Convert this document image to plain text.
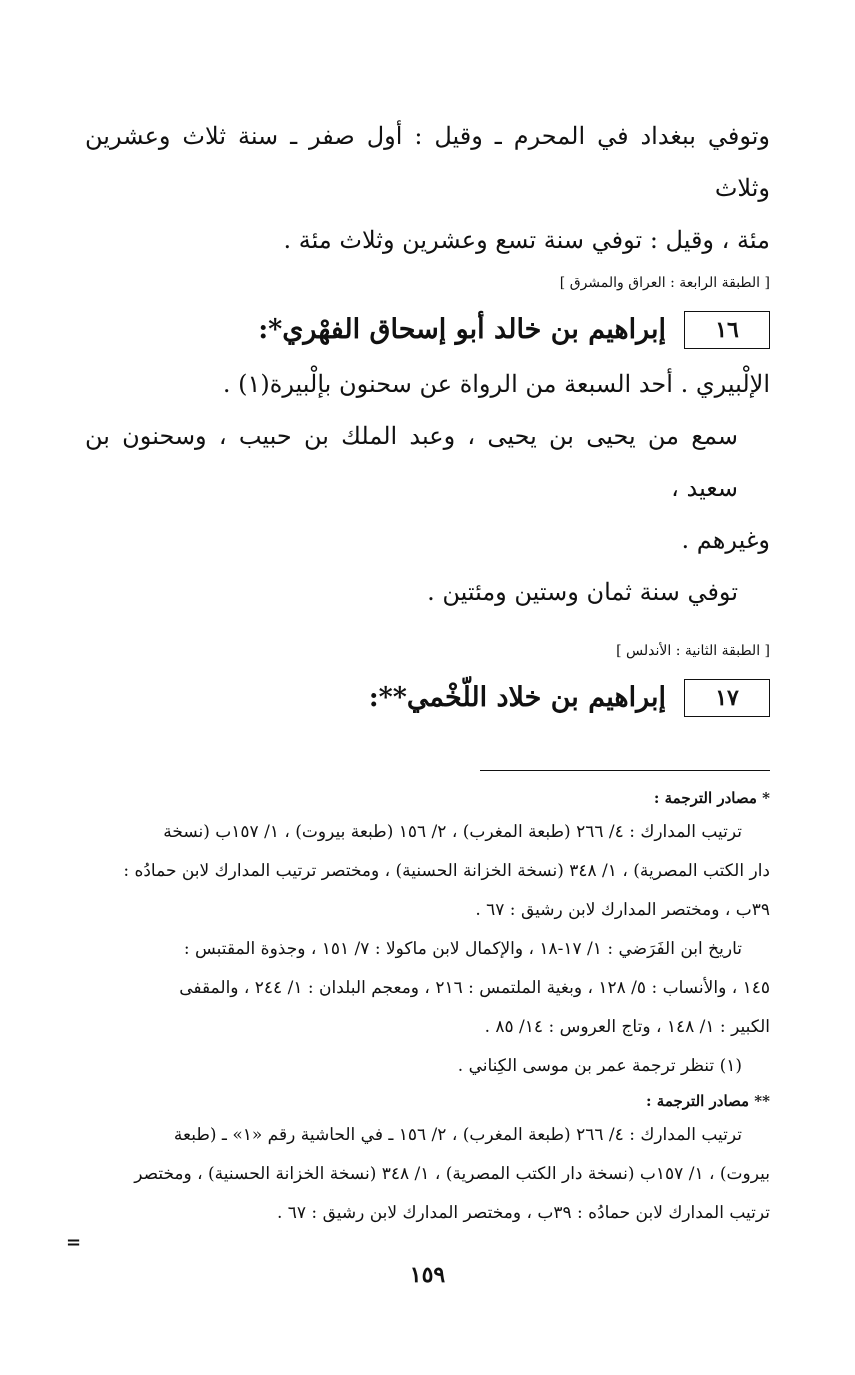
وتوفي ببغداد في المحرم ـ وقيل : أول صفر ـ سنة ثلاث وعشرين وثلاث

مئة ، وقيل : توفي سنة تسع وعشرين وثلاث مئة .

[ الطبقة الرابعة : العراق والمشرق ]
١٦
إبراهيم بن خالد أبو إسحاق الفهْري*:

الإلْبيري . أحد السبعة من الرواة عن سحنون بإلْبيرة(١) .

سمع من يحيى بن يحيى ، وعبد الملك بن حبيب ، وسحنون بن سعيد ،

وغيرهم .

توفي سنة ثمان وستين ومئتين .

[ الطبقة الثانية : الأندلس ]
١٧
إبراهيم بن خلاد اللّخْمي**:

* مصادر الترجمة :

ترتيب المدارك : ٤/ ٢٦٦ (طبعة المغرب) ، ٢/ ١٥٦ (طبعة بيروت) ، ١/ ١٥٧ب (نسخة

دار الكتب المصرية) ، ١/ ٣٤٨ (نسخة الخزانة الحسنية) ، ومختصر ترتيب المدارك لابن حمادُه :

٣٩ب ، ومختصر المدارك لابن رشيق : ٦٧ .

تاريخ ابن الفَرَضي : ١/ ١٧-١٨ ، والإكمال لابن ماكولا : ٧/ ١٥١ ، وجذوة المقتبس :

١٤٥ ، والأنساب : ٥/ ١٢٨ ، وبغية الملتمس : ٢١٦ ، ومعجم البلدان : ١/ ٢٤٤ ، والمقفى

الكبير : ١/ ١٤٨ ، وتاج العروس : ١٤/ ٨٥ .

(١) تنظر ترجمة عمر بن موسى الكِناني .

** مصادر الترجمة :

ترتيب المدارك : ٤/ ٢٦٦ (طبعة المغرب) ، ٢/ ١٥٦ ـ في الحاشية رقم «١» ـ (طبعة

بيروت) ، ١/ ١٥٧ب (نسخة دار الكتب المصرية) ، ١/ ٣٤٨ (نسخة الخزانة الحسنية) ، ومختصر

ترتيب المدارك لابن حمادُه : ٣٩ب ، ومختصر المدارك لابن رشيق : ٦٧ .

=
١٥٩
